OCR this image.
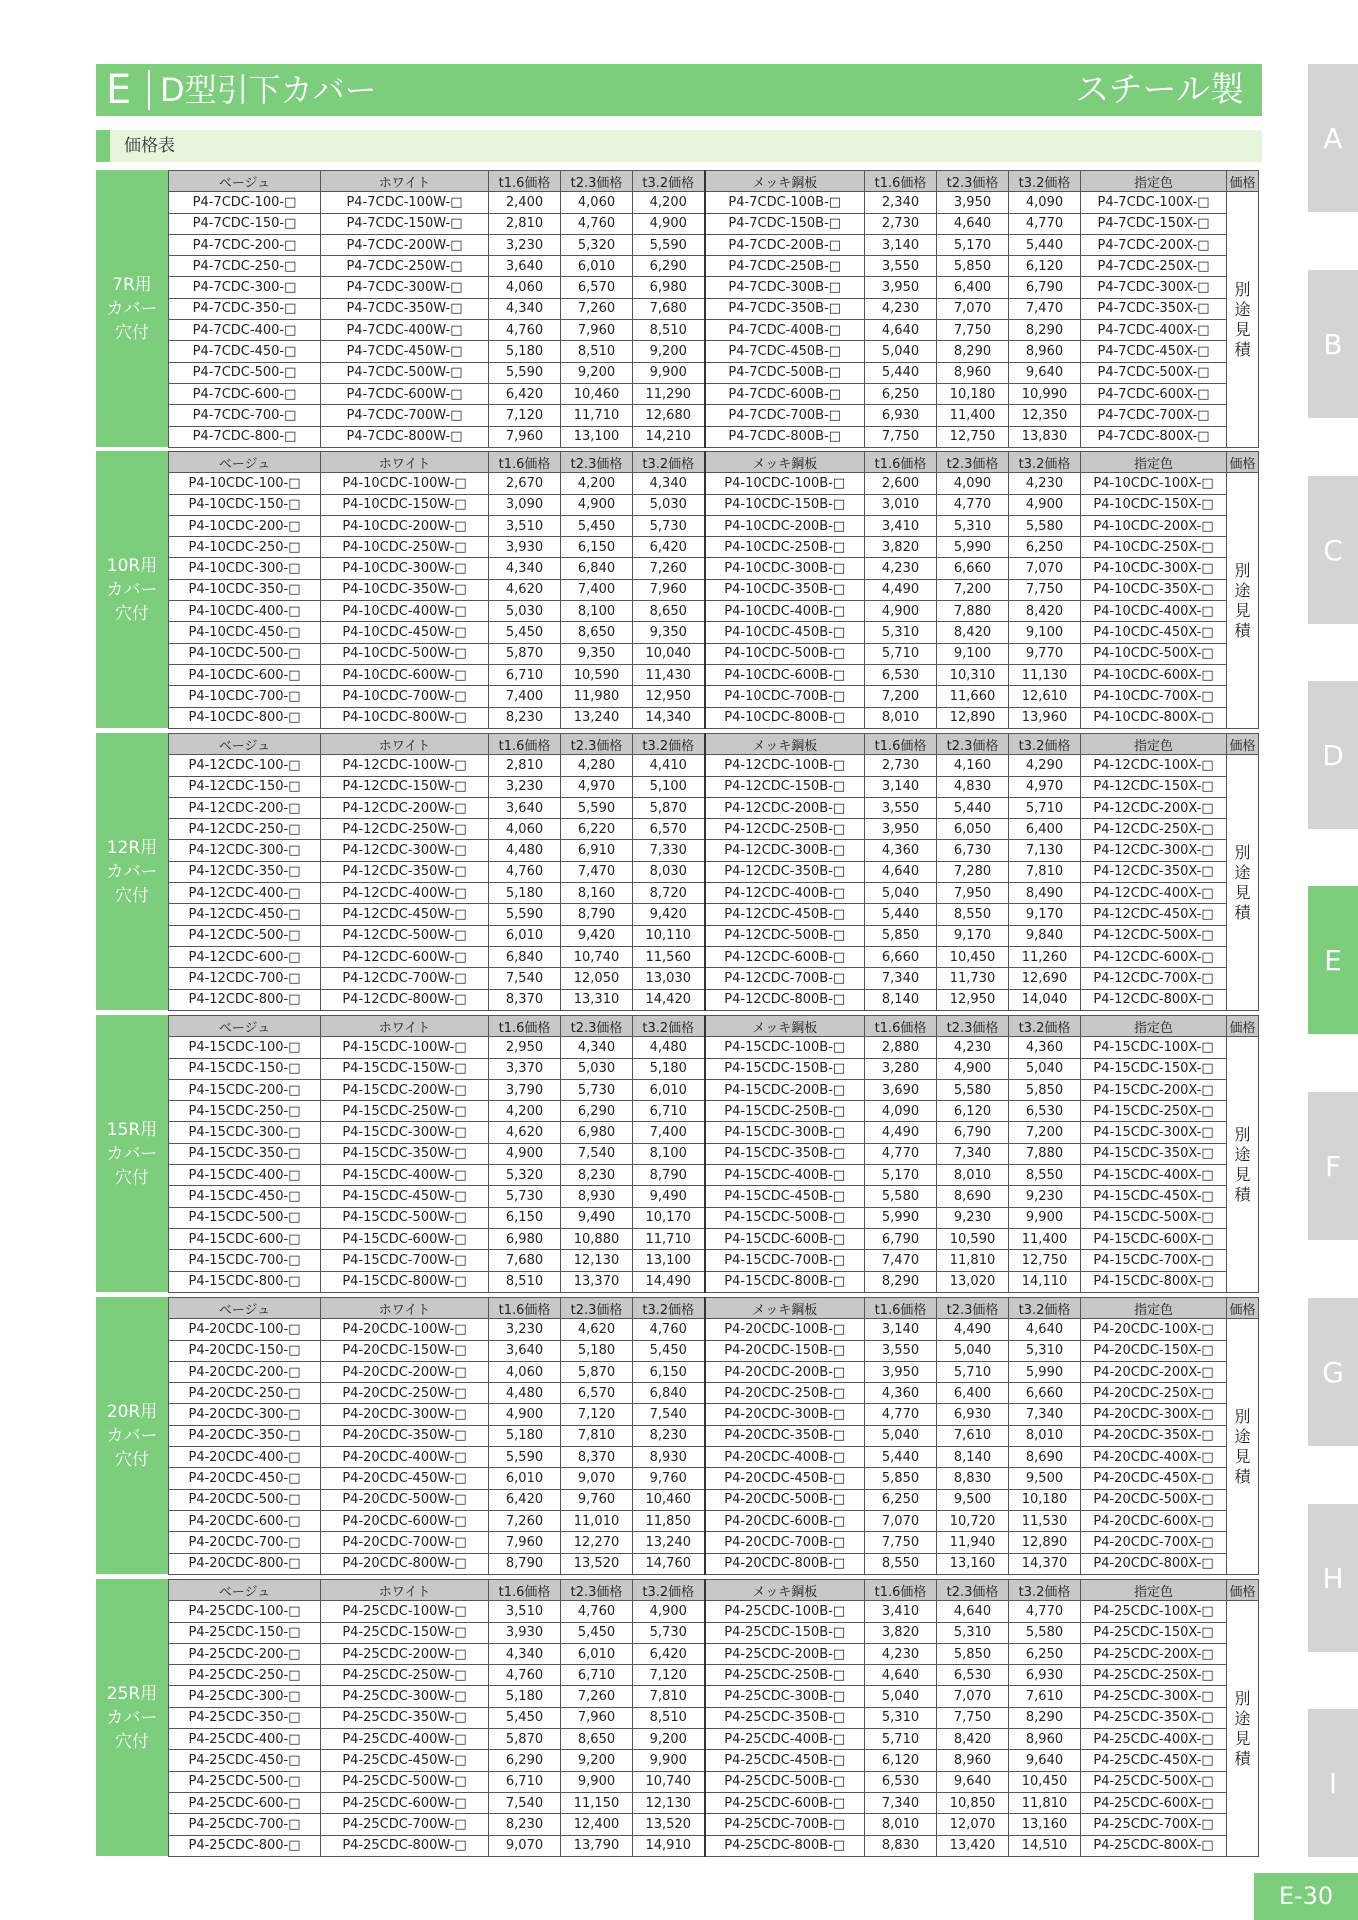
E D型引下カバー	スチール製
価格表
7R用
カバー
穴付
ベージュ	ホワイト	t1.6価格	t2.3価格	t3.2価格	メッキ鋼板	t1.6価格	t2.3価格	t3.2価格	指定色	価格
P4-7CDC-100-□	P4-7CDC-100W-□	2,400	4,060	4,200	P4-7CDC-100B-□	2,340	3,950	4,090	P4-7CDC-100X-□	別
途
見
積

P4-7CDC-150-□	P4-7CDC-150W-□	2,810	4,760	4,900	P4-7CDC-150B-□	2,730	4,640	4,770	P4-7CDC-150X-□	
P4-7CDC-200-□	P4-7CDC-200W-□	3,230	5,320	5,590	P4-7CDC-200B-□	3,140	5,170	5,440	P4-7CDC-200X-□	
P4-7CDC-250-□	P4-7CDC-250W-□	3,640	6,010	6,290	P4-7CDC-250B-□	3,550	5,850	6,120	P4-7CDC-250X-□	
P4-7CDC-300-□	P4-7CDC-300W-□	4,060	6,570	6,980	P4-7CDC-300B-□	3,950	6,400	6,790	P4-7CDC-300X-□	
P4-7CDC-350-□	P4-7CDC-350W-□	4,340	7,260	7,680	P4-7CDC-350B-□	4,230	7,070	7,470	P4-7CDC-350X-□	
P4-7CDC-400-□	P4-7CDC-400W-□	4,760	7,960	8,510	P4-7CDC-400B-□	4,640	7,750	8,290	P4-7CDC-400X-□	
P4-7CDC-450-□	P4-7CDC-450W-□	5,180	8,510	9,200	P4-7CDC-450B-□	5,040	8,290	8,960	P4-7CDC-450X-□	
P4-7CDC-500-□	P4-7CDC-500W-□	5,590	9,200	9,900	P4-7CDC-500B-□	5,440	8,960	9,640	P4-7CDC-500X-□	
P4-7CDC-600-□	P4-7CDC-600W-□	6,420	10,460	11,290	P4-7CDC-600B-□	6,250	10,180	10,990	P4-7CDC-600X-□	
P4-7CDC-700-□	P4-7CDC-700W-□	7,120	11,710	12,680	P4-7CDC-700B-□	6,930	11,400	12,350	P4-7CDC-700X-□	
P4-7CDC-800-□	P4-7CDC-800W-□	7,960	13,100	14,210	P4-7CDC-800B-□	7,750	12,750	13,830	P4-7CDC-800X-□	
10R用
カバー
穴付
ベージュ	ホワイト	t1.6価格	t2.3価格	t3.2価格	メッキ鋼板	t1.6価格	t2.3価格	t3.2価格	指定色	価格
P4-10CDC-100-□	P4-10CDC-100W-□	2,670	4,200	4,340	P4-10CDC-100B-□	2,600	4,090	4,230	P4-10CDC-100X-□	別
途
見
積

P4-10CDC-150-□	P4-10CDC-150W-□	3,090	4,900	5,030	P4-10CDC-150B-□	3,010	4,770	4,900	P4-10CDC-150X-□	
P4-10CDC-200-□	P4-10CDC-200W-□	3,510	5,450	5,730	P4-10CDC-200B-□	3,410	5,310	5,580	P4-10CDC-200X-□	
P4-10CDC-250-□	P4-10CDC-250W-□	3,930	6,150	6,420	P4-10CDC-250B-□	3,820	5,990	6,250	P4-10CDC-250X-□	
P4-10CDC-300-□	P4-10CDC-300W-□	4,340	6,840	7,260	P4-10CDC-300B-□	4,230	6,660	7,070	P4-10CDC-300X-□	
P4-10CDC-350-□	P4-10CDC-350W-□	4,620	7,400	7,960	P4-10CDC-350B-□	4,490	7,200	7,750	P4-10CDC-350X-□	
P4-10CDC-400-□	P4-10CDC-400W-□	5,030	8,100	8,650	P4-10CDC-400B-□	4,900	7,880	8,420	P4-10CDC-400X-□	
P4-10CDC-450-□	P4-10CDC-450W-□	5,450	8,650	9,350	P4-10CDC-450B-□	5,310	8,420	9,100	P4-10CDC-450X-□	
P4-10CDC-500-□	P4-10CDC-500W-□	5,870	9,350	10,040	P4-10CDC-500B-□	5,710	9,100	9,770	P4-10CDC-500X-□	
P4-10CDC-600-□	P4-10CDC-600W-□	6,710	10,590	11,430	P4-10CDC-600B-□	6,530	10,310	11,130	P4-10CDC-600X-□	
P4-10CDC-700-□	P4-10CDC-700W-□	7,400	11,980	12,950	P4-10CDC-700B-□	7,200	11,660	12,610	P4-10CDC-700X-□	
P4-10CDC-800-□	P4-10CDC-800W-□	8,230	13,240	14,340	P4-10CDC-800B-□	8,010	12,890	13,960	P4-10CDC-800X-□	
12R用
カバー
穴付
ベージュ	ホワイト	t1.6価格	t2.3価格	t3.2価格	メッキ鋼板	t1.6価格	t2.3価格	t3.2価格	指定色	価格
P4-12CDC-100-□	P4-12CDC-100W-□	2,810	4,280	4,410	P4-12CDC-100B-□	2,730	4,160	4,290	P4-12CDC-100X-□	別
途
見
積

P4-12CDC-150-□	P4-12CDC-150W-□	3,230	4,970	5,100	P4-12CDC-150B-□	3,140	4,830	4,970	P4-12CDC-150X-□	
P4-12CDC-200-□	P4-12CDC-200W-□	3,640	5,590	5,870	P4-12CDC-200B-□	3,550	5,440	5,710	P4-12CDC-200X-□	
P4-12CDC-250-□	P4-12CDC-250W-□	4,060	6,220	6,570	P4-12CDC-250B-□	3,950	6,050	6,400	P4-12CDC-250X-□	
P4-12CDC-300-□	P4-12CDC-300W-□	4,480	6,910	7,330	P4-12CDC-300B-□	4,360	6,730	7,130	P4-12CDC-300X-□	
P4-12CDC-350-□	P4-12CDC-350W-□	4,760	7,470	8,030	P4-12CDC-350B-□	4,640	7,280	7,810	P4-12CDC-350X-□	
P4-12CDC-400-□	P4-12CDC-400W-□	5,180	8,160	8,720	P4-12CDC-400B-□	5,040	7,950	8,490	P4-12CDC-400X-□	
P4-12CDC-450-□	P4-12CDC-450W-□	5,590	8,790	9,420	P4-12CDC-450B-□	5,440	8,550	9,170	P4-12CDC-450X-□	
P4-12CDC-500-□	P4-12CDC-500W-□	6,010	9,420	10,110	P4-12CDC-500B-□	5,850	9,170	9,840	P4-12CDC-500X-□	
P4-12CDC-600-□	P4-12CDC-600W-□	6,840	10,740	11,560	P4-12CDC-600B-□	6,660	10,450	11,260	P4-12CDC-600X-□	
P4-12CDC-700-□	P4-12CDC-700W-□	7,540	12,050	13,030	P4-12CDC-700B-□	7,340	11,730	12,690	P4-12CDC-700X-□	
P4-12CDC-800-□	P4-12CDC-800W-□	8,370	13,310	14,420	P4-12CDC-800B-□	8,140	12,950	14,040	P4-12CDC-800X-□	
15R用
カバー
穴付
ベージュ	ホワイト	t1.6価格	t2.3価格	t3.2価格	メッキ鋼板	t1.6価格	t2.3価格	t3.2価格	指定色	価格
P4-15CDC-100-□	P4-15CDC-100W-□	2,950	4,340	4,480	P4-15CDC-100B-□	2,880	4,230	4,360	P4-15CDC-100X-□	別
途
見
積

P4-15CDC-150-□	P4-15CDC-150W-□	3,370	5,030	5,180	P4-15CDC-150B-□	3,280	4,900	5,040	P4-15CDC-150X-□	
P4-15CDC-200-□	P4-15CDC-200W-□	3,790	5,730	6,010	P4-15CDC-200B-□	3,690	5,580	5,850	P4-15CDC-200X-□	
P4-15CDC-250-□	P4-15CDC-250W-□	4,200	6,290	6,710	P4-15CDC-250B-□	4,090	6,120	6,530	P4-15CDC-250X-□	
P4-15CDC-300-□	P4-15CDC-300W-□	4,620	6,980	7,400	P4-15CDC-300B-□	4,490	6,790	7,200	P4-15CDC-300X-□	
P4-15CDC-350-□	P4-15CDC-350W-□	4,900	7,540	8,100	P4-15CDC-350B-□	4,770	7,340	7,880	P4-15CDC-350X-□	
P4-15CDC-400-□	P4-15CDC-400W-□	5,320	8,230	8,790	P4-15CDC-400B-□	5,170	8,010	8,550	P4-15CDC-400X-□	
P4-15CDC-450-□	P4-15CDC-450W-□	5,730	8,930	9,490	P4-15CDC-450B-□	5,580	8,690	9,230	P4-15CDC-450X-□	
P4-15CDC-500-□	P4-15CDC-500W-□	6,150	9,490	10,170	P4-15CDC-500B-□	5,990	9,230	9,900	P4-15CDC-500X-□	
P4-15CDC-600-□	P4-15CDC-600W-□	6,980	10,880	11,710	P4-15CDC-600B-□	6,790	10,590	11,400	P4-15CDC-600X-□	
P4-15CDC-700-□	P4-15CDC-700W-□	7,680	12,130	13,100	P4-15CDC-700B-□	7,470	11,810	12,750	P4-15CDC-700X-□	
P4-15CDC-800-□	P4-15CDC-800W-□	8,510	13,370	14,490	P4-15CDC-800B-□	8,290	13,020	14,110	P4-15CDC-800X-□	
20R用
カバー
穴付
ベージュ	ホワイト	t1.6価格	t2.3価格	t3.2価格	メッキ鋼板	t1.6価格	t2.3価格	t3.2価格	指定色	価格
P4-20CDC-100-□	P4-20CDC-100W-□	3,230	4,620	4,760	P4-20CDC-100B-□	3,140	4,490	4,640	P4-20CDC-100X-□	別
途
見
積

P4-20CDC-150-□	P4-20CDC-150W-□	3,640	5,180	5,450	P4-20CDC-150B-□	3,550	5,040	5,310	P4-20CDC-150X-□	
P4-20CDC-200-□	P4-20CDC-200W-□	4,060	5,870	6,150	P4-20CDC-200B-□	3,950	5,710	5,990	P4-20CDC-200X-□	
P4-20CDC-250-□	P4-20CDC-250W-□	4,480	6,570	6,840	P4-20CDC-250B-□	4,360	6,400	6,660	P4-20CDC-250X-□	
P4-20CDC-300-□	P4-20CDC-300W-□	4,900	7,120	7,540	P4-20CDC-300B-□	4,770	6,930	7,340	P4-20CDC-300X-□	
P4-20CDC-350-□	P4-20CDC-350W-□	5,180	7,810	8,230	P4-20CDC-350B-□	5,040	7,610	8,010	P4-20CDC-350X-□	
P4-20CDC-400-□	P4-20CDC-400W-□	5,590	8,370	8,930	P4-20CDC-400B-□	5,440	8,140	8,690	P4-20CDC-400X-□	
P4-20CDC-450-□	P4-20CDC-450W-□	6,010	9,070	9,760	P4-20CDC-450B-□	5,850	8,830	9,500	P4-20CDC-450X-□	
P4-20CDC-500-□	P4-20CDC-500W-□	6,420	9,760	10,460	P4-20CDC-500B-□	6,250	9,500	10,180	P4-20CDC-500X-□	
P4-20CDC-600-□	P4-20CDC-600W-□	7,260	11,010	11,850	P4-20CDC-600B-□	7,070	10,720	11,530	P4-20CDC-600X-□	
P4-20CDC-700-□	P4-20CDC-700W-□	7,960	12,270	13,240	P4-20CDC-700B-□	7,750	11,940	12,890	P4-20CDC-700X-□	
P4-20CDC-800-□	P4-20CDC-800W-□	8,790	13,520	14,760	P4-20CDC-800B-□	8,550	13,160	14,370	P4-20CDC-800X-□	
25R用
カバー
穴付
ベージュ	ホワイト	t1.6価格	t2.3価格	t3.2価格	メッキ鋼板	t1.6価格	t2.3価格	t3.2価格	指定色	価格
P4-25CDC-100-□	P4-25CDC-100W-□	3,510	4,760	4,900	P4-25CDC-100B-□	3,410	4,640	4,770	P4-25CDC-100X-□	別
途
見
積

P4-25CDC-150-□	P4-25CDC-150W-□	3,930	5,450	5,730	P4-25CDC-150B-□	3,820	5,310	5,580	P4-25CDC-150X-□	
P4-25CDC-200-□	P4-25CDC-200W-□	4,340	6,010	6,420	P4-25CDC-200B-□	4,230	5,850	6,250	P4-25CDC-200X-□	
P4-25CDC-250-□	P4-25CDC-250W-□	4,760	6,710	7,120	P4-25CDC-250B-□	4,640	6,530	6,930	P4-25CDC-250X-□	
P4-25CDC-300-□	P4-25CDC-300W-□	5,180	7,260	7,810	P4-25CDC-300B-□	5,040	7,070	7,610	P4-25CDC-300X-□	
P4-25CDC-350-□	P4-25CDC-350W-□	5,450	7,960	8,510	P4-25CDC-350B-□	5,310	7,750	8,290	P4-25CDC-350X-□	
P4-25CDC-400-□	P4-25CDC-400W-□	5,870	8,650	9,200	P4-25CDC-400B-□	5,710	8,420	8,960	P4-25CDC-400X-□	
P4-25CDC-450-□	P4-25CDC-450W-□	6,290	9,200	9,900	P4-25CDC-450B-□	6,120	8,960	9,640	P4-25CDC-450X-□	
P4-25CDC-500-□	P4-25CDC-500W-□	6,710	9,900	10,740	P4-25CDC-500B-□	6,530	9,640	10,450	P4-25CDC-500X-□	
P4-25CDC-600-□	P4-25CDC-600W-□	7,540	11,150	12,130	P4-25CDC-600B-□	7,340	10,850	11,810	P4-25CDC-600X-□	
P4-25CDC-700-□	P4-25CDC-700W-□	8,230	12,400	13,520	P4-25CDC-700B-□	8,010	12,070	13,160	P4-25CDC-700X-□	
P4-25CDC-800-□	P4-25CDC-800W-□	9,070	13,790	14,910	P4-25CDC-800B-□	8,830	13,420	14,510	P4-25CDC-800X-□	
A
B
C
D
E
F
G
H
I
E-30
